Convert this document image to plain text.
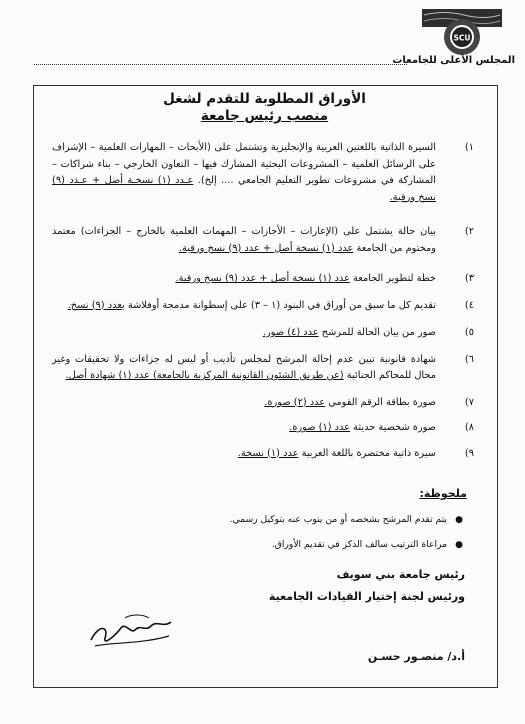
SCU
المجلس الأعلى للجامعات
الأوراق المطلوبة للتقدم لشغل
منصب رئيس جامعة
١)
السيرة الذاتية باللغتين العربية والإنجليزية وتشتمل على (الأبحاث – المهارات العلمية – الإشراف على الرسائل العلمية – المشروعات البحثية المشارك فيها – التعاون الخارجي – بناء شراكات – المشاركة في مشروعات تطوير التعليم الجامعي .... إلخ). عـدد (١) نسخـة أصل + عـدد (٩) نسخ ورقية.
٢)
بيان حالة يشتمل على (الإعارات – الأجازات – المهمات العلمية بالخارج – الجزاءات) معتمد ومختوم من الجامعة عدد (١) نسخة أصل + عدد (٩) نسخ ورقية.
٣)
خطة لتطوير الجامعة عدد (١) نسخة أصل + عدد (٩) نسخ ورقية.
٤)
تقديم كل ما سبق من أوراق في البنود (١ – ٣) على إسطوانة مدمجة أوفلاشة بعدد (٩) نسخ.
٥)
صور من بيان الحالة للمرشح عدد (٤) صور.
٦)
شهادة قانونية تبين عدم إحالة المرشح لمجلس تأديب أو ليس له جزاءات ولا تحقيقات وغير محال للمحاكم الجنائية (عن طريق الشئون القانونية المركزية بالجامعة) عدد (١) شهادة أصل.
٧)
صورة بطاقة الرقم القومي عدد (٢) صورة.
٨)
صورة شخصية حديثة عدد (١) صورة.
٩)
سيرة ذاتية مختصرة باللغة العربية عدد (١) نسخة.
ملحوظة:
●
يتم تقدم المرشح بشخصه أو من ينوب عنه بتوكيل رسمي.
●
مراعاة الترتيب سالف الذكر في تقديم الأوراق.
رئيس جامعة بني سويف
ورئيس لجنة إختيار القيادات الجامعية
أ.د/ منصـور حسـن
